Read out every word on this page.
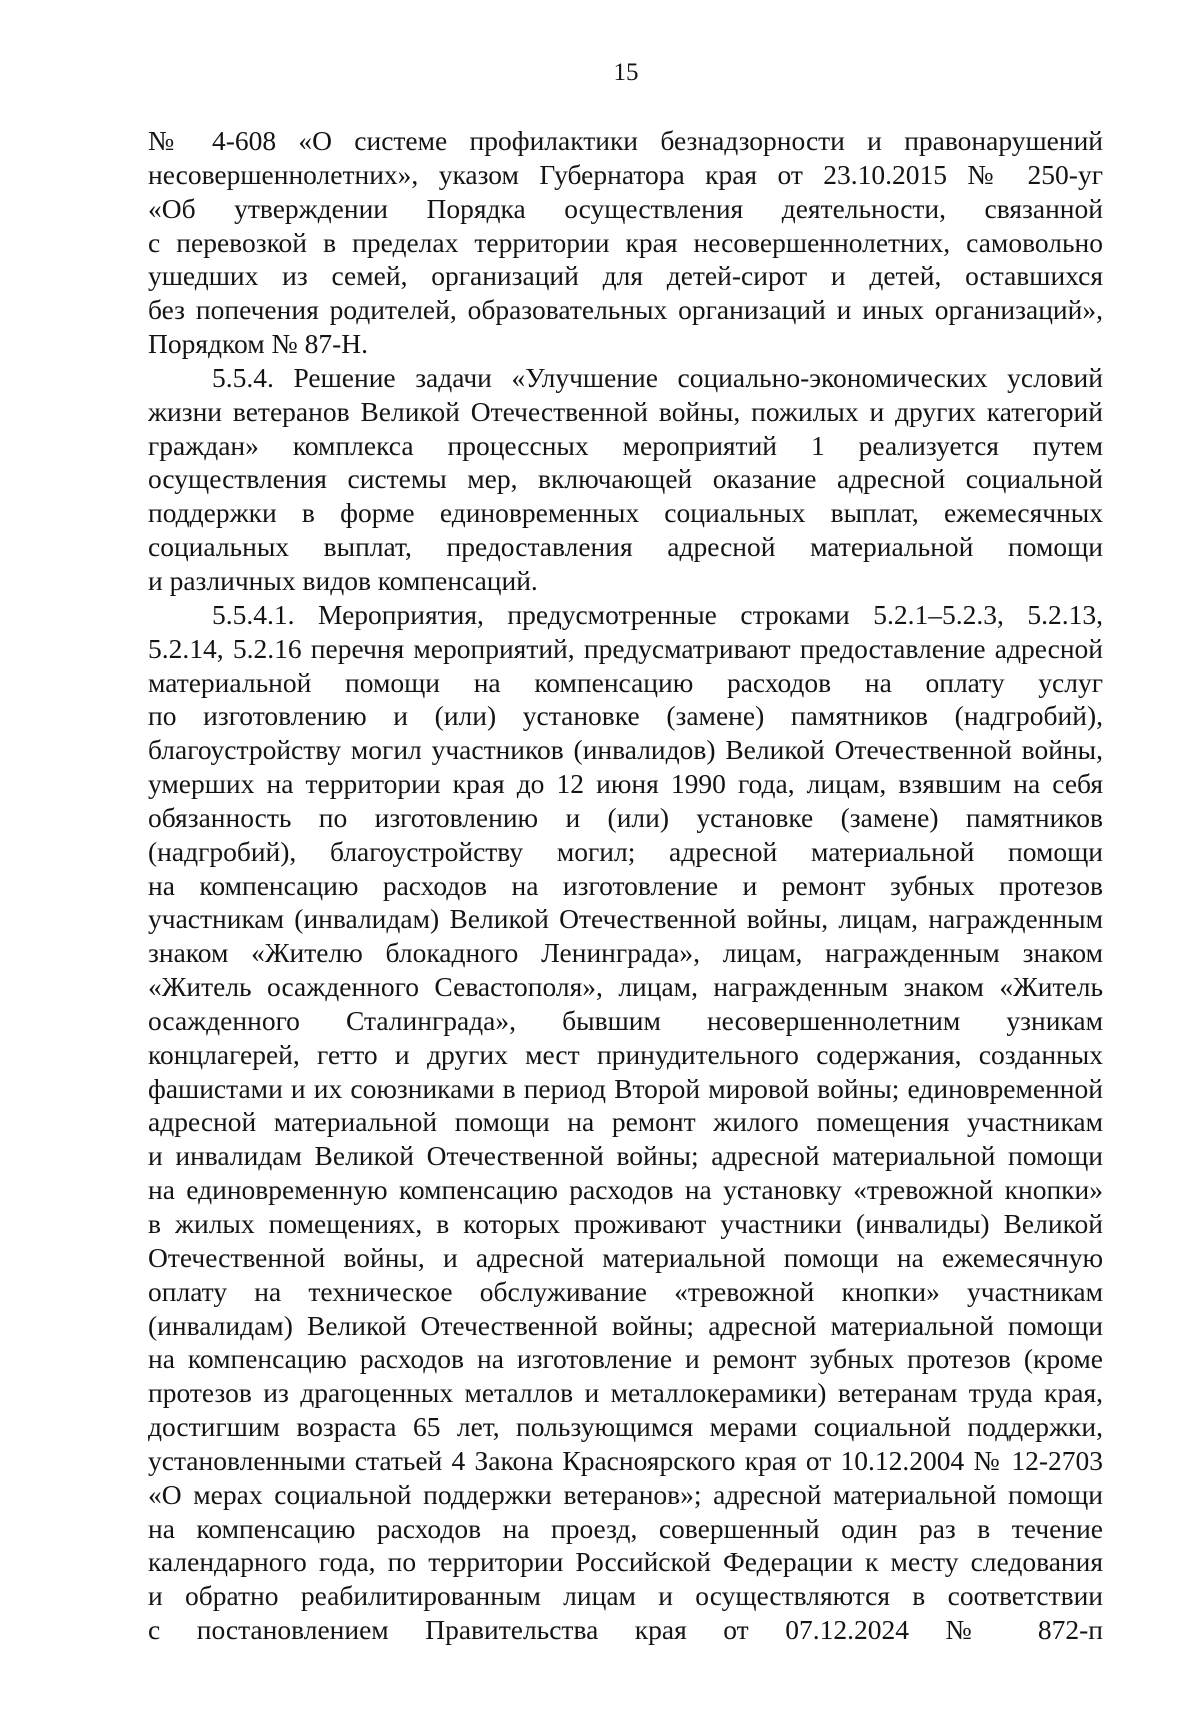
15
№ 4-608 «О системе профилактики безнадзорности и правонарушений
несовершеннолетних», указом Губернатора края от 23.10.2015 № 250-уг
«Об утверждении Порядка осуществления деятельности, связанной
с перевозкой в пределах территории края несовершеннолетних, самовольно
ушедших из семей, организаций для детей-сирот и детей, оставшихся
без попечения родителей, образовательных организаций и иных организаций»,
Порядком № 87-Н.
5.5.4. Решение задачи «Улучшение социально-экономических условий
жизни ветеранов Великой Отечественной войны, пожилых и других категорий
граждан» комплекса процессных мероприятий 1 реализуется путем
осуществления системы мер, включающей оказание адресной социальной
поддержки в форме единовременных социальных выплат, ежемесячных
социальных выплат, предоставления адресной материальной помощи
и различных видов компенсаций.
5.5.4.1. Мероприятия, предусмотренные строками 5.2.1–5.2.3, 5.2.13,
5.2.14, 5.2.16 перечня мероприятий, предусматривают предоставление адресной
материальной помощи на компенсацию расходов на оплату услуг
по изготовлению и (или) установке (замене) памятников (надгробий),
благоустройству могил участников (инвалидов) Великой Отечественной войны,
умерших на территории края до 12 июня 1990 года, лицам, взявшим на себя
обязанность по изготовлению и (или) установке (замене) памятников
(надгробий), благоустройству могил; адресной материальной помощи
на компенсацию расходов на изготовление и ремонт зубных протезов
участникам (инвалидам) Великой Отечественной войны, лицам, награжденным
знаком «Жителю блокадного Ленинграда», лицам, награжденным знаком
«Житель осажденного Севастополя», лицам, награжденным знаком «Житель
осажденного Сталинграда», бывшим несовершеннолетним узникам
концлагерей, гетто и других мест принудительного содержания, созданных
фашистами и их союзниками в период Второй мировой войны; единовременной
адресной материальной помощи на ремонт жилого помещения участникам
и инвалидам Великой Отечественной войны; адресной материальной помощи
на единовременную компенсацию расходов на установку «тревожной кнопки»
в жилых помещениях, в которых проживают участники (инвалиды) Великой
Отечественной войны, и адресной материальной помощи на ежемесячную
оплату на техническое обслуживание «тревожной кнопки» участникам
(инвалидам) Великой Отечественной войны; адресной материальной помощи
на компенсацию расходов на изготовление и ремонт зубных протезов (кроме
протезов из драгоценных металлов и металлокерамики) ветеранам труда края,
достигшим возраста 65 лет, пользующимся мерами социальной поддержки,
установленными статьей 4 Закона Красноярского края от 10.12.2004 № 12-2703
«О мерах социальной поддержки ветеранов»; адресной материальной помощи
на компенсацию расходов на проезд, совершенный один раз в течение
календарного года, по территории Российской Федерации к месту следования
и обратно реабилитированным лицам и осуществляются в соответствии
с постановлением Правительства края от 07.12.2024 № 872-п
